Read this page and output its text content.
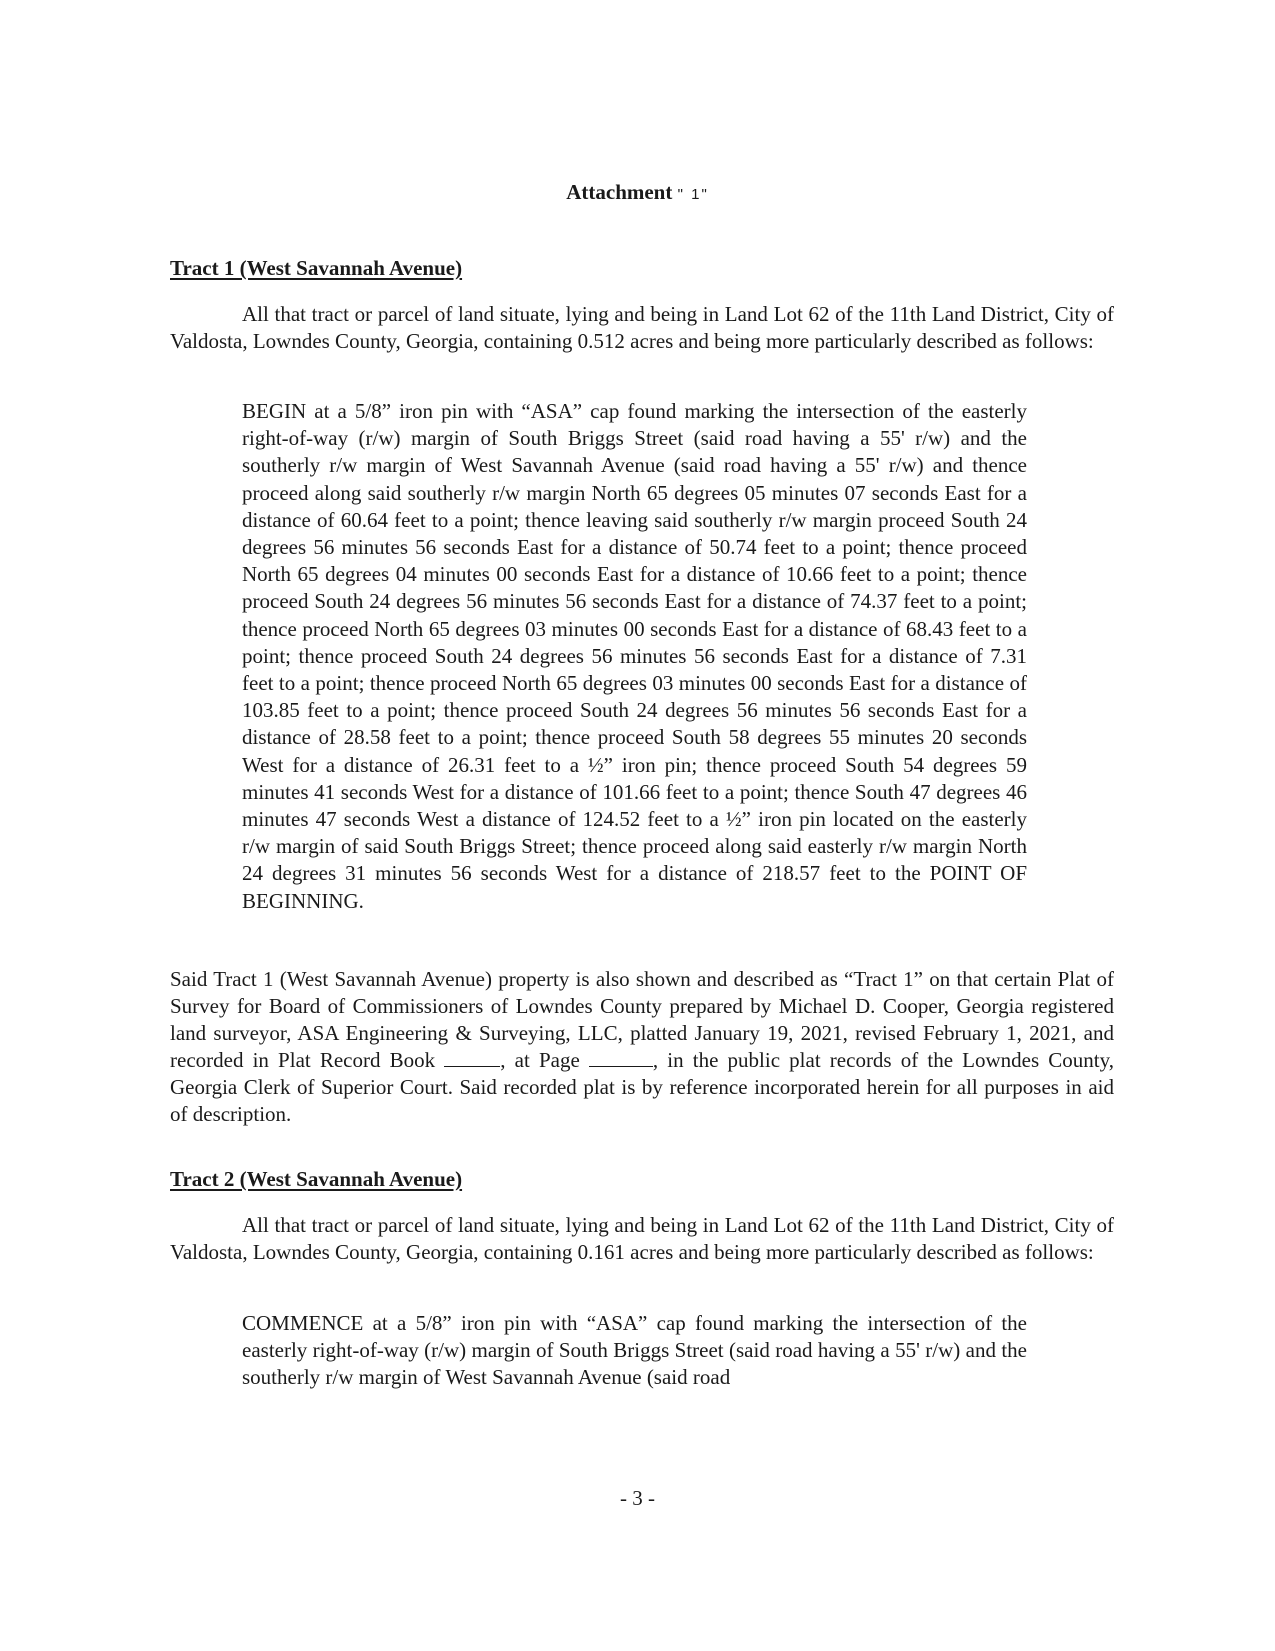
Attachment " 1"
Tract 1 (West Savannah Avenue)

All that tract or parcel of land situate, lying and being in Land Lot 62 of the 11th Land District, City of Valdosta, Lowndes County, Georgia, containing 0.512 acres and being more particularly described as follows:

BEGIN at a 5/8” iron pin with “ASA” cap found marking the intersection of the easterly right-of-way (r/w) margin of South Briggs Street (said road having a 55' r/w) and the southerly r/w margin of West Savannah Avenue (said road having a 55' r/w) and thence proceed along said southerly r/w margin North 65 degrees 05 minutes 07 seconds East for a distance of 60.64 feet to a point; thence leaving said southerly r/w margin proceed South 24 degrees 56 minutes 56 seconds East for a distance of 50.74 feet to a point; thence proceed North 65 degrees 04 minutes 00 seconds East for a distance of 10.66 feet to a point; thence proceed South 24 degrees 56 minutes 56 seconds East for a distance of 74.37 feet to a point; thence proceed North 65 degrees 03 minutes 00 seconds East for a distance of 68.43 feet to a point; thence proceed South 24 degrees 56 minutes 56 seconds East for a distance of 7.31 feet to a point; thence proceed North 65 degrees 03 minutes 00 seconds East for a distance of 103.85 feet to a point; thence proceed South 24 degrees 56 minutes 56 seconds East for a distance of 28.58 feet to a point; thence proceed South 58 degrees 55 minutes 20 seconds West for a distance of 26.31 feet to a ½” iron pin; thence proceed South 54 degrees 59 minutes 41 seconds West for a distance of 101.66 feet to a point; thence South 47 degrees 46 minutes 47 seconds West a distance of 124.52 feet to a ½” iron pin located on the easterly r/w margin of said South Briggs Street; thence proceed along said easterly r/w margin North 24 degrees 31 minutes 56 seconds West for a distance of 218.57 feet to the POINT OF BEGINNING.

Said Tract 1 (West Savannah Avenue) property is also shown and described as “Tract 1” on that certain Plat of Survey for Board of Commissioners of Lowndes County prepared by Michael D. Cooper, Georgia registered land surveyor, ASA Engineering & Surveying, LLC, platted January 19, 2021, revised February 1, 2021, and recorded in Plat Record Book	, at Page	, in the public plat records of the Lowndes County, Georgia Clerk of Superior Court. Said recorded plat is by reference incorporated herein for all purposes in aid of description.

Tract 2 (West Savannah Avenue)

All that tract or parcel of land situate, lying and being in Land Lot 62 of the 11th Land District, City of Valdosta, Lowndes County, Georgia, containing 0.161 acres and being more particularly described as follows:

COMMENCE at a 5/8” iron pin with “ASA” cap found marking the intersection of the easterly right-of-way (r/w) margin of South Briggs Street (said road having a 55' r/w) and the southerly r/w margin of West Savannah Avenue (said road

- 3 -
